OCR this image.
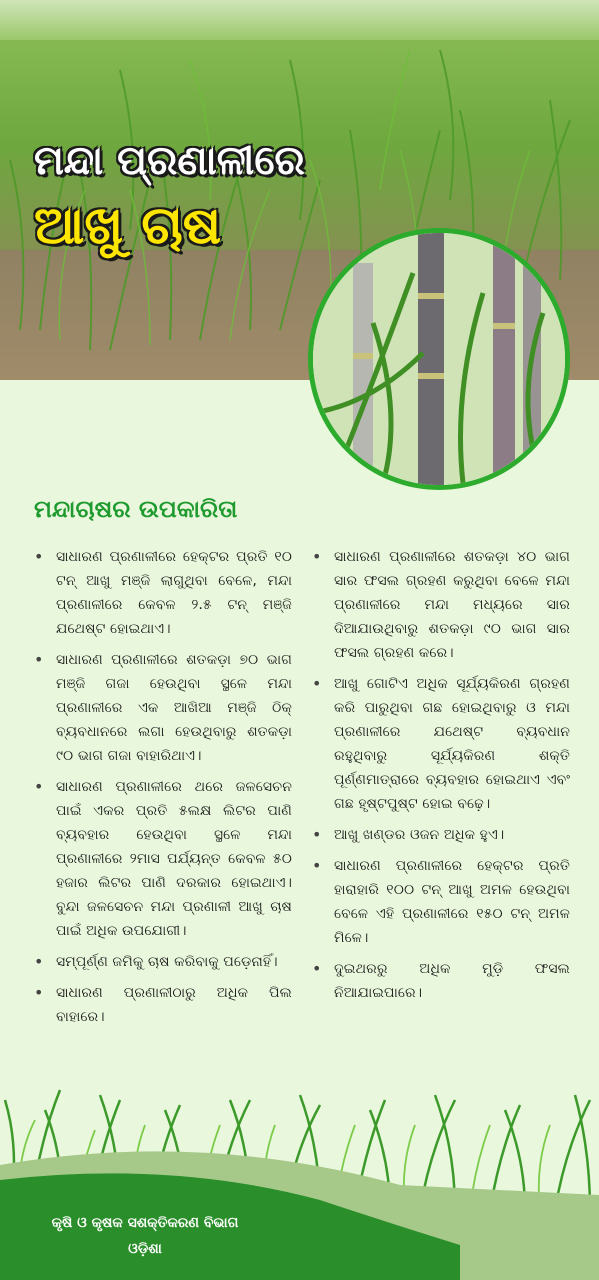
ମନ୍ଦା ପ୍ରଣାଳୀରେ
ଆଖୁ ଚାଷ
ମନ୍ଦାଚାଷର ଉପକାରିତା
• ସାଧାରଣ ପ୍ରଣାଳୀରେ ହେକ୍ଟର ପ୍ରତି ୧୦ ଟନ୍ ଆଖୁ ମଞ୍ଜି ଲାଗୁଥିବା ବେଳେ, ମନ୍ଦା ପ୍ରଣାଳୀରେ କେବଳ ୨.୫ ଟନ୍ ମଞ୍ଜି ଯଥେଷ୍ଟ ହୋଇଥାଏ।
• ସାଧାରଣ ପ୍ରଣାଳୀରେ ଶତକଡ଼ା ୭୦ ଭାଗ ମଞ୍ଜି ଗଜା ହେଉଥିବା ସ୍ଥଳେ ମନ୍ଦା ପ୍ରଣାଳୀରେ ଏକ ଆଖିଆ ମଞ୍ଜି ଠିକ୍ ବ୍ୟବଧାନରେ ଲଗା ହେଉଥିବାରୁ ଶତକଡ଼ା ୯୦ ଭାଗ ଗଜା ବାହାରିଥାଏ।
• ସାଧାରଣ ପ୍ରଣାଳୀରେ ଥରେ ଜଳସେଚନ ପାଇଁ ଏକର ପ୍ରତି ୫ଲକ୍ଷ ଲିଟର ପାଣି ବ୍ୟବହାର ହେଉଥିବା ସ୍ଥଳେ ମନ୍ଦା ପ୍ରଣାଳୀରେ ୨ମାସ ପର୍ଯ୍ୟନ୍ତ କେବଳ ୫୦ ହଜାର ଲିଟର ପାଣି ଦରକାର ହୋଇଥାଏ। ବୁନ୍ଦା ଜଳସେଚନ ମନ୍ଦା ପ୍ରଣାଳୀ ଆଖୁ ଚାଷ ପାଇଁ ଅଧିକ ଉପଯୋଗୀ।
• ସମ୍ପୂର୍ଣ୍ଣ ଜମିକୁ ଚାଷ କରିବାକୁ ପଡ଼େନାହିଁ।
• ସାଧାରଣ ପ୍ରଣାଳୀଠାରୁ ଅଧିକ ପିଲ ବାହାରେ।
• ସାଧାରଣ ପ୍ରଣାଳୀରେ ଶତକଡ଼ା ୪୦ ଭାଗ ସାର ଫସଲ ଗ୍ରହଣ କରୁଥିବା ବେଳେ ମନ୍ଦା ପ୍ରଣାଳୀରେ ମନ୍ଦା ମଧ୍ୟରେ ସାର ଦିଆଯାଉଥିବାରୁ ଶତକଡ଼ା ୯୦ ଭାଗ ସାର ଫସଲ ଗ୍ରହଣ କରେ।
• ଆଖୁ ଗୋଟିଏ ଅଧିକ ସୂର୍ଯ୍ୟକିରଣ ଗ୍ରହଣ କରି ପାରୁଥିବା ଗଛ ହୋଇଥିବାରୁ ଓ ମନ୍ଦା ପ୍ରଣାଳୀରେ ଯଥେଷ୍ଟ ବ୍ୟବଧାନ ରହୁଥିବାରୁ ସୂର୍ଯ୍ୟକିରଣ ଶକ୍ତି ପୂର୍ଣ୍ଣମାତ୍ରାରେ ବ୍ୟବହାର ହୋଇଥାଏ ଏବଂ ଗଛ ହୃଷ୍ଟପୁଷ୍ଟ ହୋଇ ବଢ଼େ।
• ଆଖୁ ଖଣ୍ଡର ଓଜନ ଅଧିକ ହୁଏ।
• ସାଧାରଣ ପ୍ରଣାଳୀରେ ହେକ୍ଟର ପ୍ରତି ହାରାହାରି ୧୦୦ ଟନ୍ ଆଖୁ ଅମଳ ହେଉଥିବା ବେଳେ ଏହି ପ୍ରଣାଳୀରେ ୧୫୦ ଟନ୍ ଅମଳ ମିଳେ।
• ଦୁଇଥରରୁ ଅଧିକ ମୁଡ଼ି ଫସଲ ନିଆଯାଇପାରେ।
କୃଷି ଓ କୃଷକ ସଶକ୍ତିକରଣ ବିଭାଗ
ଓଡ଼ିଶା
